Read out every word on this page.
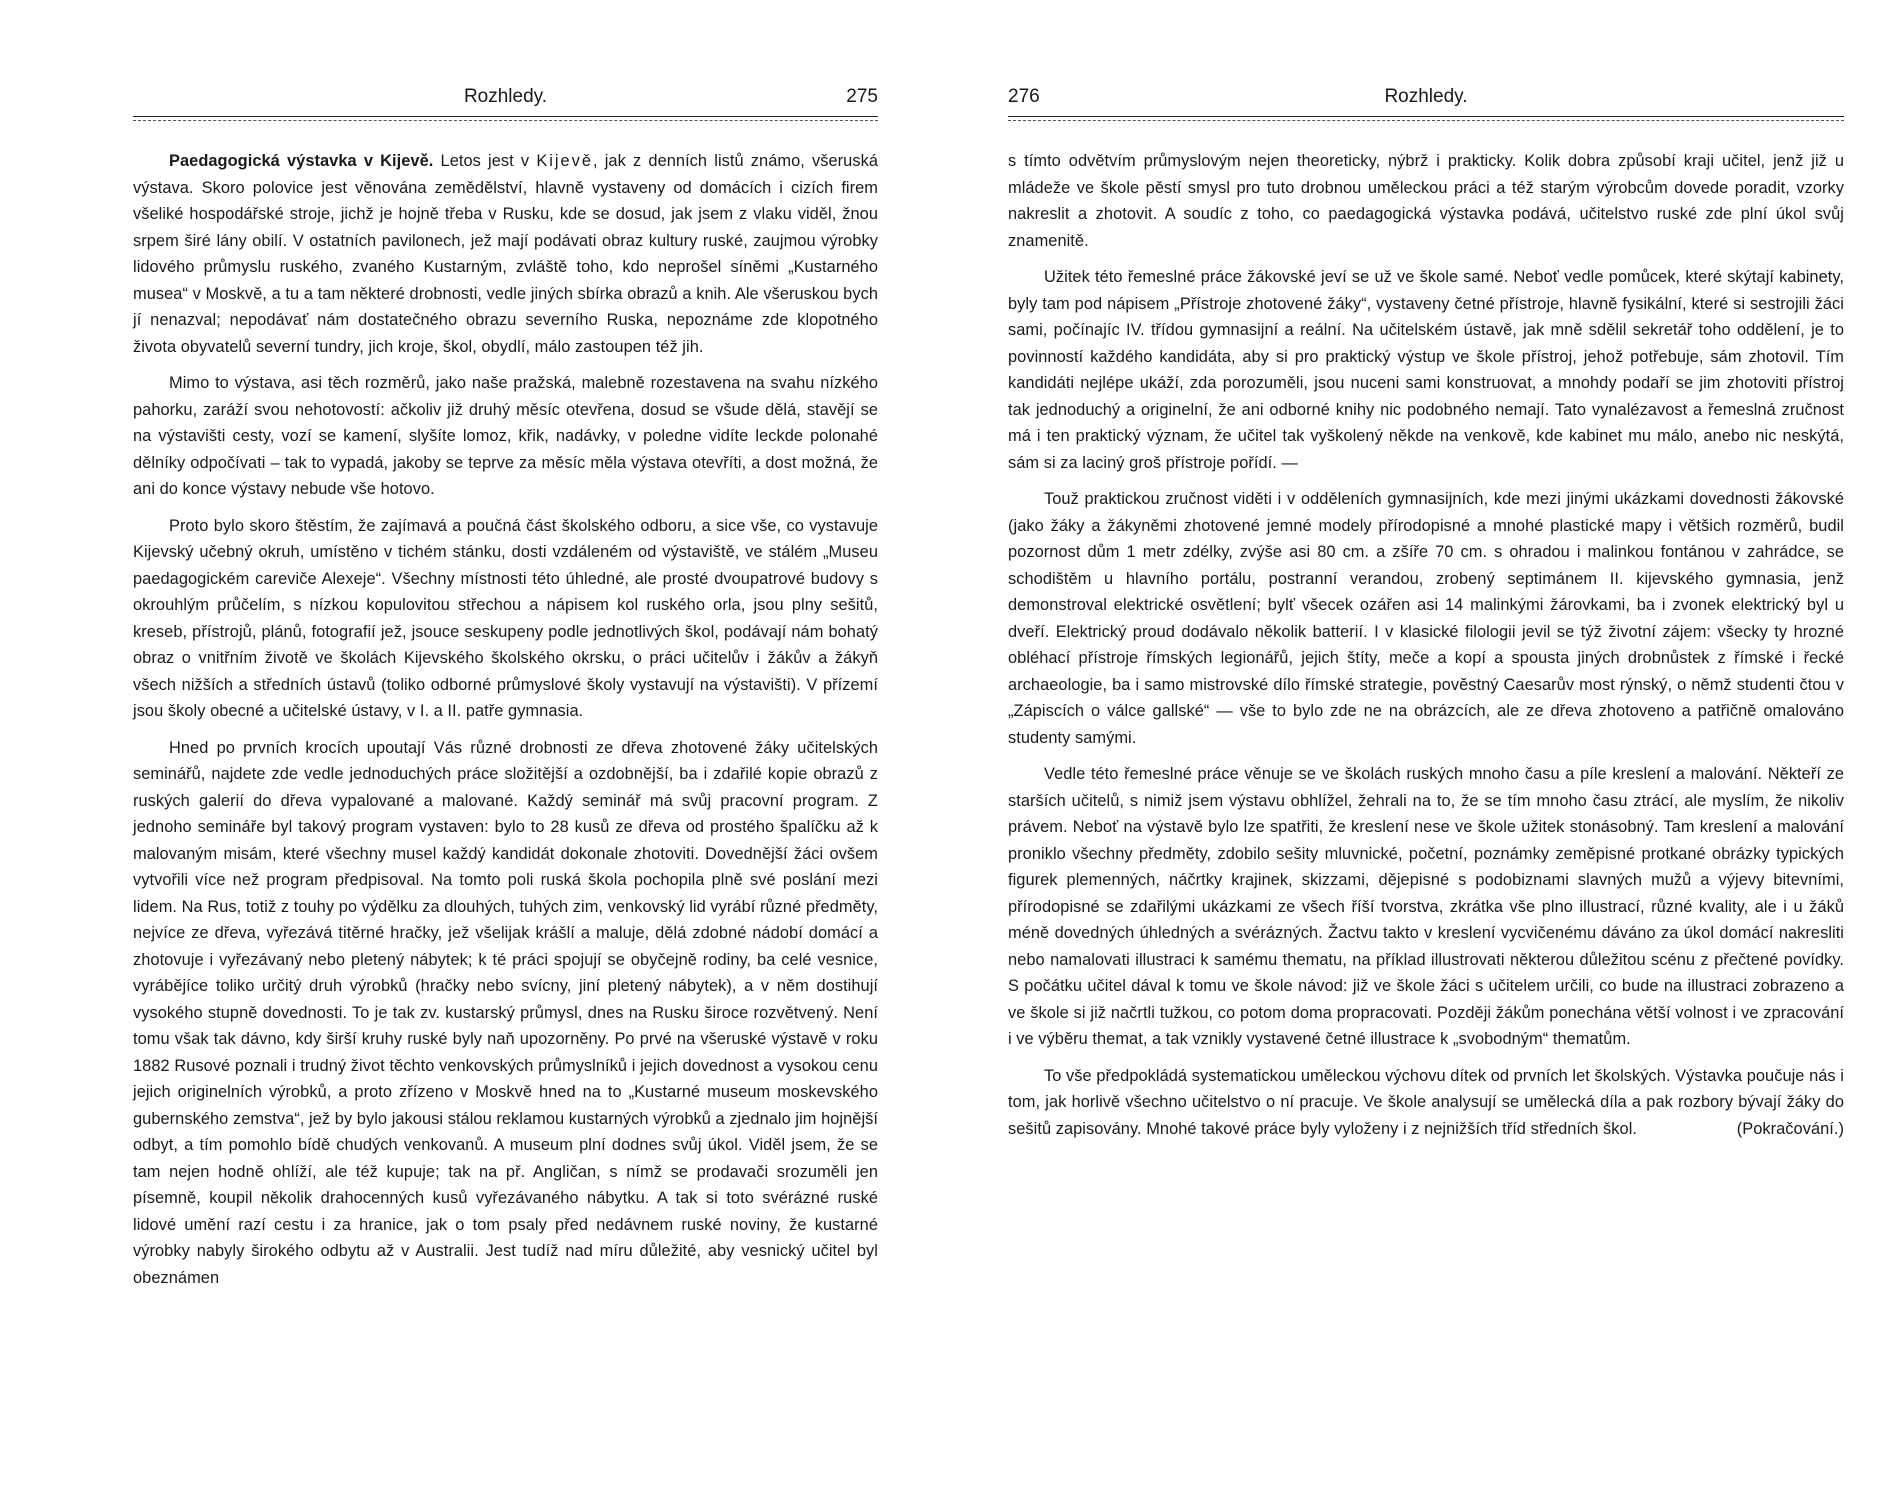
Rozhledy.	275

Paedagogická výstavka v Kijevě. Letos jest v Kijevě, jak z denních listů známo, všeruská výstava. Skoro polovice jest věnována zemědělství, hlavně vystaveny od domácích i cizích firem všeliké hospodářské stroje, jichž je hojně třeba v Rusku, kde se dosud, jak jsem z vlaku viděl, žnou srpem širé lány obilí. V ostatních pavilonech, jež mají podávati obraz kultury ruské, zaujmou výrobky lidového průmyslu ruského, zvaného Kustarným, zvláště toho, kdo neprošel síněmi „Kustarného musea“ v Moskvě, a tu a tam některé drobnosti, vedle jiných sbírka obrazů a knih. Ale všeruskou bych jí nenazval; nepodávať nám dostatečného obrazu severního Ruska, nepoznáme zde klopotného života obyvatelů severní tundry, jich kroje, škol, obydlí, málo zastoupen též jih.

Mimo to výstava, asi těch rozměrů, jako naše pražská, malebně rozestavena na svahu nízkého pahorku, zaráží svou nehotovostí: ačkoliv již druhý měsíc otevřena, dosud se všude dělá, stavějí se na výstavišti cesty, vozí se kamení, slyšíte lomoz, křik, nadávky, v poledne vidíte leckde polonahé dělníky odpočívati – tak to vypadá, jakoby se teprve za měsíc měla výstava otevříti, a dost možná, že ani do konce výstavy nebude vše hotovo.

Proto bylo skoro štěstím, že zajímavá a poučná část školského odboru, a sice vše, co vystavuje Kijevský učebný okruh, umístěno v tichém stánku, dosti vzdáleném od výstaviště, ve stálém „Museu paedagogickém careviče Alexeje“. Všechny místnosti této úhledné, ale prosté dvoupatrové budovy s okrouhlým průčelím, s nízkou kopulovitou střechou a nápisem kol ruského orla, jsou plny sešitů, kreseb, přístrojů, plánů, fotografií jež, jsouce seskupeny podle jednotlivých škol, podávají nám bohatý obraz o vnitřním životě ve školách Kijevského školského okrsku, o práci učitelův i žákův a žákyň všech nižších a středních ústavů (toliko odborné průmyslové školy vystavují na výstavišti). V přízemí jsou školy obecné a učitelské ústavy, v I. a II. patře gymnasia.

Hned po prvních krocích upoutají Vás různé drobnosti ze dřeva zhotovené žáky učitelských seminářů, najdete zde vedle jednoduchých práce složitější a ozdobnější, ba i zdařilé kopie obrazů z ruských galerií do dřeva vypalované a malované. Každý seminář má svůj pracovní program. Z jednoho semináře byl takový program vystaven: bylo to 28 kusů ze dřeva od prostého špalíčku až k malovaným misám, které všechny musel každý kandidát dokonale zhotoviti. Dovednější žáci ovšem vytvořili více než program předpisoval. Na tomto poli ruská škola pochopila plně své poslání mezi lidem. Na Rus, totiž z touhy po výdělku za dlouhých, tuhých zim, venkovský lid vyrábí různé předměty, nejvíce ze dřeva, vyřezává titěrné hračky, jež všelijak krášlí a maluje, dělá zdobné nádobí domácí a zhotovuje i vyřezávaný nebo pletený nábytek; k té práci spojují se obyčejně rodiny, ba celé vesnice, vyrábějíce toliko určitý druh výrobků (hračky nebo svícny, jiní pletený nábytek), a v něm dostihují vysokého stupně dovednosti. To je tak zv. kustarský průmysl, dnes na Rusku široce rozvětvený. Není tomu však tak dávno, kdy širší kruhy ruské byly naň upozorněny. Po prvé na všeruské výstavě v roku 1882 Rusové poznali i trudný život těchto venkovských průmyslníků i jejich dovednost a vysokou cenu jejich originelních výrobků, a proto zřízeno v Moskvě hned na to „Kustarné museum moskevského gubernského zemstva“, jež by bylo jakousi stálou reklamou kustarných výrobků a zjednalo jim hojnější odbyt, a tím pomohlo bídě chudých venkovanů. A museum plní dodnes svůj úkol. Viděl jsem, že se tam nejen hodně ohlíží, ale též kupuje; tak na př. Angličan, s nímž se prodavači srozuměli jen písemně, koupil několik drahocenných kusů vyřezávaného nábytku. A tak si toto svérázné ruské lidové umění razí cestu i za hranice, jak o tom psaly před nedávnem ruské noviny, že kustarné výrobky nabyly širokého odbytu až v Australii. Jest tudíž nad míru důležité, aby vesnický učitel byl obeznámen

276	Rozhledy.

s tímto odvětvím průmyslovým nejen theoreticky, nýbrž i prakticky. Kolik dobra způsobí kraji učitel, jenž již u mládeže ve škole pěstí smysl pro tuto drobnou uměleckou práci a též starým výrobcům dovede poradit, vzorky nakreslit a zhotovit. A soudíc z toho, co paedagogická výstavka podává, učitelstvo ruské zde plní úkol svůj znamenitě.

Užitek této řemeslné práce žákovské jeví se už ve škole samé. Neboť vedle pomůcek, které skýtají kabinety, byly tam pod nápisem „Přístroje zhotovené žáky“, vystaveny četné přístroje, hlavně fysikální, které si sestrojili žáci sami, počínajíc IV. třídou gymnasijní a reální. Na učitelském ústavě, jak mně sdělil sekretář toho oddělení, je to povinností každého kandidáta, aby si pro praktický výstup ve škole přístroj, jehož potřebuje, sám zhotovil. Tím kandidáti nejlépe ukáží, zda porozuměli, jsou nuceni sami konstruovat, a mnohdy podaří se jim zhotoviti přístroj tak jednoduchý a originelní, že ani odborné knihy nic podobného nemají. Tato vynalézavost a řemeslná zručnost má i ten praktický význam, že učitel tak vyškolený někde na venkově, kde kabinet mu málo, anebo nic neskýtá, sám si za laciný groš přístroje pořídí. —

Touž praktickou zručnost viděti i v odděleních gymnasijních, kde mezi jinými ukázkami dovednosti žákovské (jako žáky a žákyněmi zhotovené jemné modely přírodopisné a mnohé plastické mapy i většich rozměrů, budil pozornost dům 1 metr zdélky, zvýše asi 80 cm. a zšíře 70 cm. s ohradou i malinkou fontánou v zahrádce, se schodištěm u hlavního portálu, postranní verandou, zrobený septimánem II. kijevského gymnasia, jenž demonstroval elektrické osvětlení; bylť všecek ozářen asi 14 malinkými žárovkami, ba i zvonek elektrický byl u dveří. Elektrický proud dodávalo několik batterií. I v klasické filologii jevil se týž životní zájem: všecky ty hrozné obléhací přístroje římských legionářů, jejich štíty, meče a kopí a spousta jiných drobnůstek z římské i řecké archaeologie, ba i samo mistrovské dílo římské strategie, povĕstný Caesarův most rýnský, o němž studenti čtou v „Zápiscích o válce gallské“ — vše to bylo zde ne na obrázcích, ale ze dřeva zhotoveno a patřičně omalováno studenty samými.

Vedle této řemeslné práce věnuje se ve školách ruských mnoho času a píle kreslení a malování. Někteří ze starších učitelů, s nimiž jsem výstavu obhlížel, žehrali na to, že se tím mnoho času ztrácí, ale myslím, že nikoliv právem. Neboť na výstavě bylo lze spatřiti, že kreslení nese ve škole užitek stonásobný. Tam kreslení a malování proniklo všechny předměty, zdobilo sešity mluvnické, početní, poznámky zeměpisné protkané obrázky typických figurek plemenných, náčrtky krajinek, skizzami, dějepisné s podobiznami slavných mužů a výjevy bitevními, přírodopisné se zdařilými ukázkami ze všech říší tvorstva, zkrátka vše plno illustrací, různé kvality, ale i u žáků méně dovedných úhledných a svérázných. Žactvu takto v kreslení vycvičenému dáváno za úkol domácí nakresliti nebo namalovati illustraci k samému thematu, na příklad illustrovati některou důležitou scénu z přečtené povídky. S počátku učitel dával k tomu ve škole návod: již ve škole žáci s učitelem určili, co bude na illustraci zobrazeno a ve škole si již načrtli tužkou, co potom doma propracovati. Později žákům ponechána větší volnost i ve zpracování i ve výběru themat, a tak vznikly vystavené četné illustrace k „svobodným“ thematům.

To vše předpokládá systematickou uměleckou výchovu dítek od prvních let školských. Výstavka poučuje nás i tom, jak horlivě všechno učitelstvo o ní pracuje. Ve škole analysují se umělecká díla a pak rozbory bývají žáky do sešitů zapisovány. Mnohé takové práce byly vyloženy i z nejnižších tříd středních škol.	(Pokračování.)
